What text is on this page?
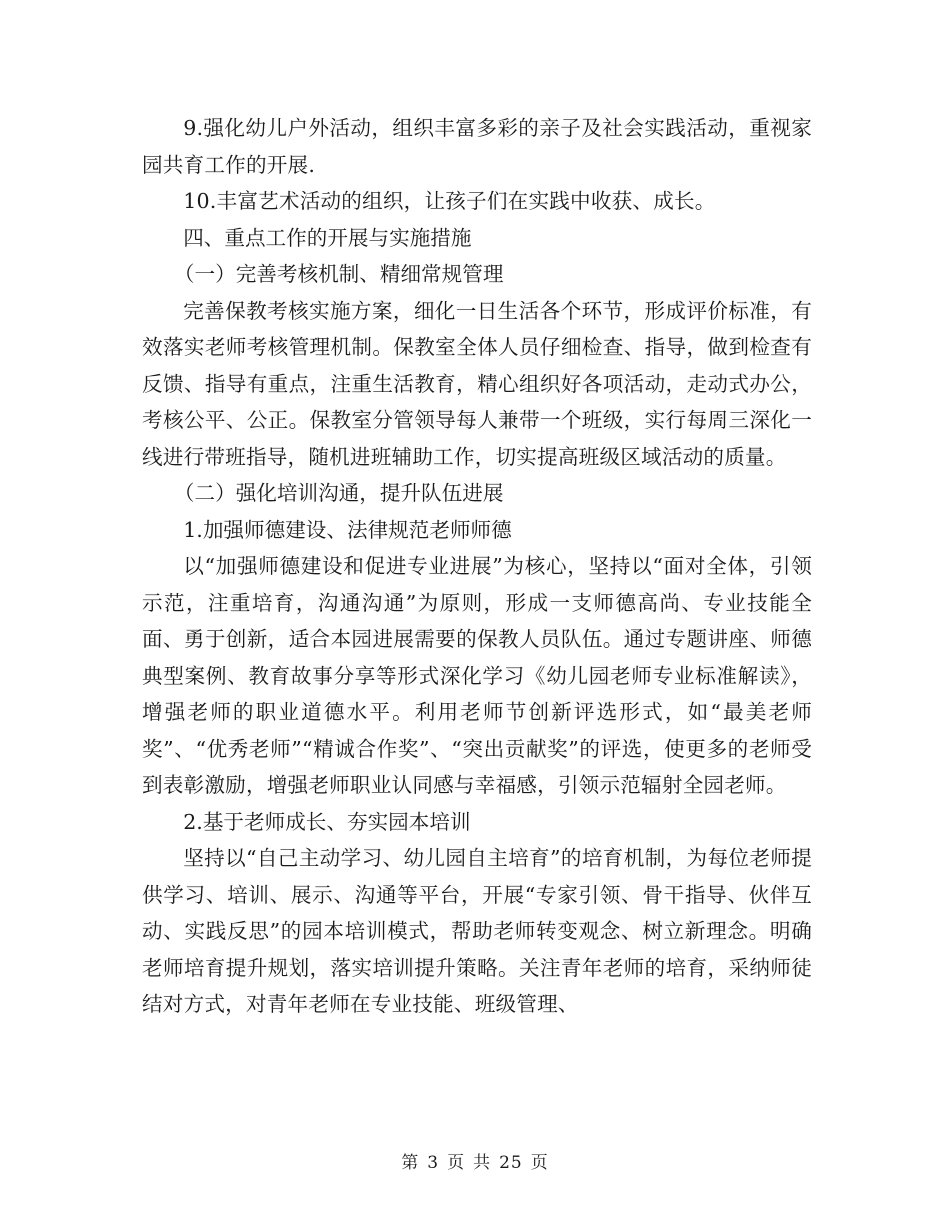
9.强化幼儿户外活动，组织丰富多彩的亲子及社会实践活动，重视家园共育工作的开展.

10.丰富艺术活动的组织，让孩子们在实践中收获、成长。

四、重点工作的开展与实施措施

（一）完善考核机制、精细常规管理

完善保教考核实施方案，细化一日生活各个环节，形成评价标准，有效落实老师考核管理机制。保教室全体人员仔细检查、指导，做到检查有反馈、指导有重点，注重生活教育，精心组织好各项活动，走动式办公，考核公平、公正。保教室分管领导每人兼带一个班级，实行每周三深化一线进行带班指导，随机进班辅助工作，切实提高班级区域活动的质量。

（二）强化培训沟通，提升队伍进展

1.加强师德建设、法律规范老师师德

以“加强师德建设和促进专业进展”为核心，坚持以“面对全体，引领示范，注重培育，沟通沟通”为原则，形成一支师德高尚、专业技能全面、勇于创新，适合本园进展需要的保教人员队伍。通过专题讲座、师德典型案例、教育故事分享等形式深化学习《幼儿园老师专业标准解读》，增强老师的职业道德水平。利用老师节创新评选形式，如“最美老师奖”、“优秀老师”“精诚合作奖”、“突出贡献奖”的评选，使更多的老师受到表彰激励，增强老师职业认同感与幸福感，引领示范辐射全园老师。

2.基于老师成长、夯实园本培训

坚持以“自己主动学习、幼儿园自主培育”的培育机制，为每位老师提供学习、培训、展示、沟通等平台，开展“专家引领、骨干指导、伙伴互动、实践反思”的园本培训模式，帮助老师转变观念、树立新理念。明确老师培育提升规划，落实培训提升策略。关注青年老师的培育，采纳师徒结对方式，对青年老师在专业技能、班级管理、

第 3 页 共 25 页
